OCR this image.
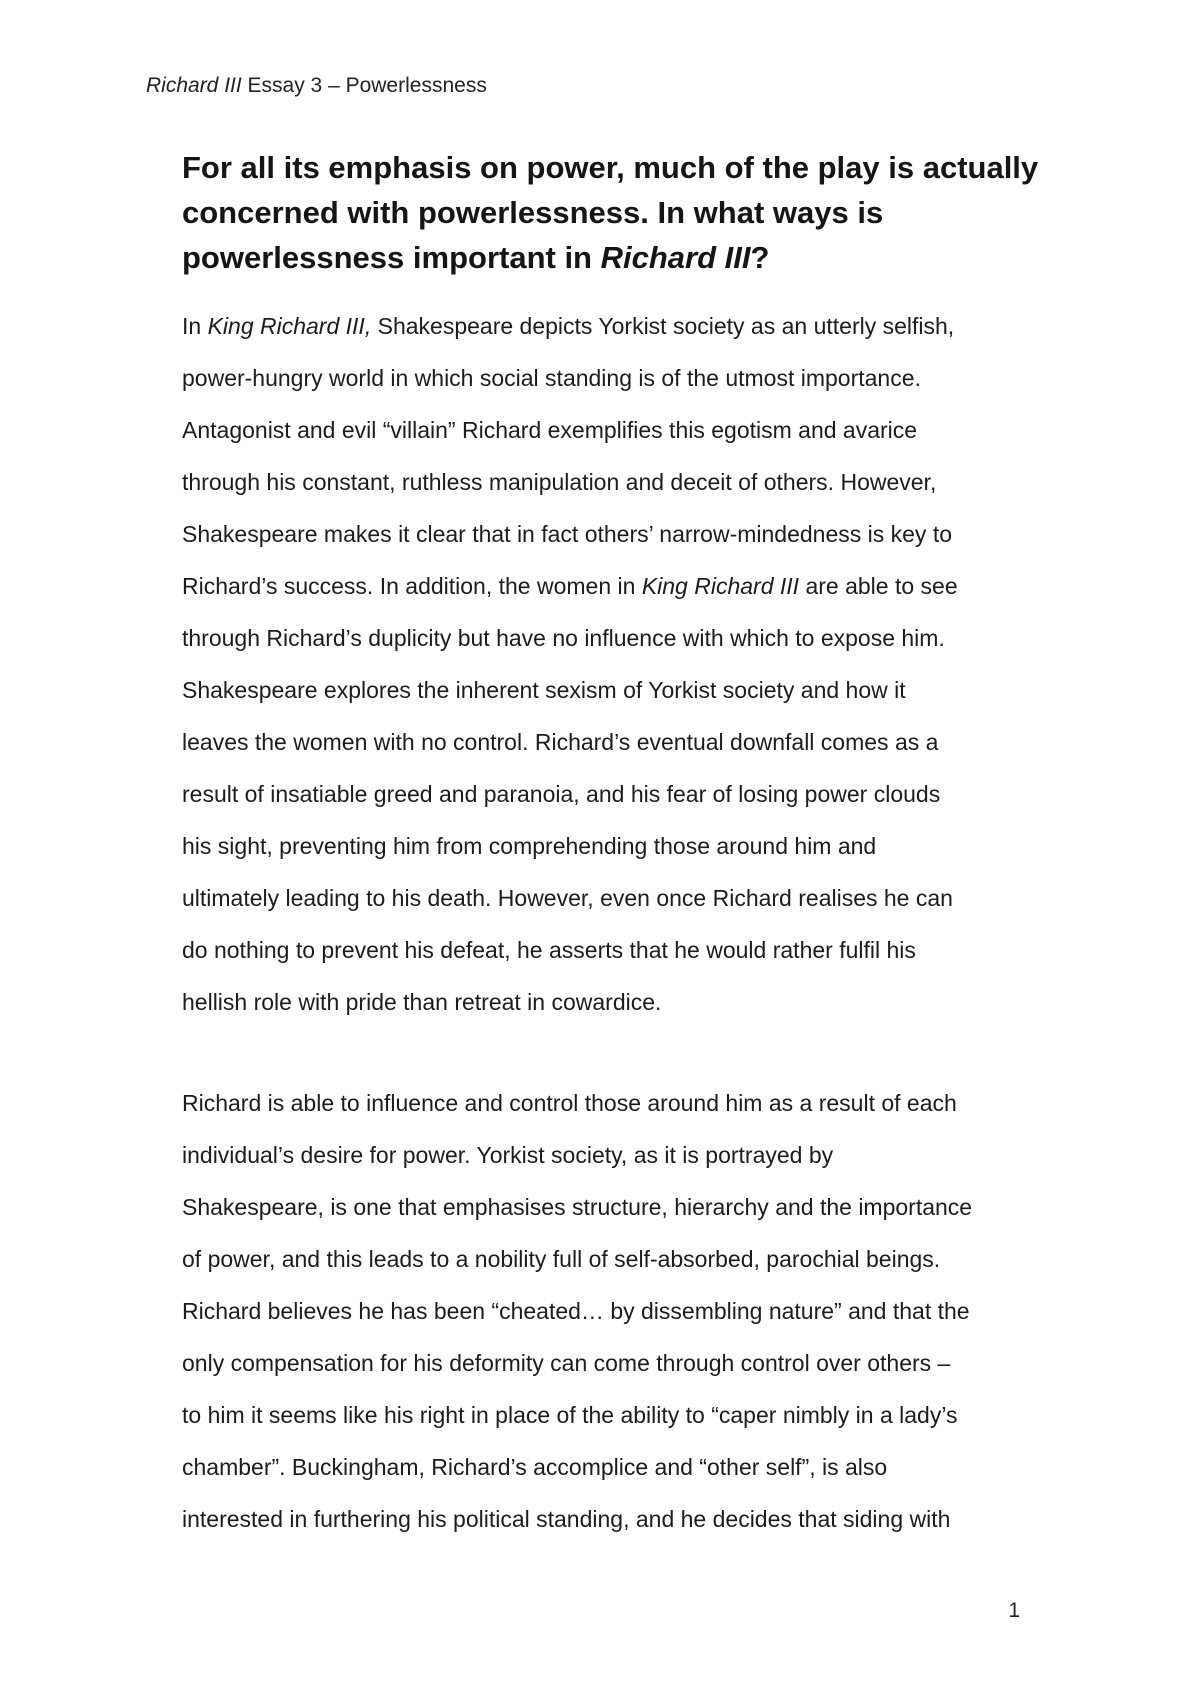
Richard III Essay 3 – Powerlessness
For all its emphasis on power, much of the play is actually
concerned with powerlessness. In what ways is
powerlessness important in Richard III?

In King Richard III, Shakespeare depicts Yorkist society as an utterly selfish,
power-hungry world in which social standing is of the utmost importance.
Antagonist and evil “villain” Richard exemplifies this egotism and avarice
through his constant, ruthless manipulation and deceit of others. However,
Shakespeare makes it clear that in fact others’ narrow-mindedness is key to
Richard’s success. In addition, the women in King Richard III are able to see
through Richard’s duplicity but have no influence with which to expose him.
Shakespeare explores the inherent sexism of Yorkist society and how it
leaves the women with no control. Richard’s eventual downfall comes as a
result of insatiable greed and paranoia, and his fear of losing power clouds
his sight, preventing him from comprehending those around him and
ultimately leading to his death. However, even once Richard realises he can
do nothing to prevent his defeat, he asserts that he would rather fulfil his
hellish role with pride than retreat in cowardice.

Richard is able to influence and control those around him as a result of each
individual’s desire for power. Yorkist society, as it is portrayed by
Shakespeare, is one that emphasises structure, hierarchy and the importance
of power, and this leads to a nobility full of self-absorbed, parochial beings.
Richard believes he has been “cheated… by dissembling nature” and that the
only compensation for his deformity can come through control over others –
to him it seems like his right in place of the ability to “caper nimbly in a lady’s
chamber”. Buckingham, Richard’s accomplice and “other self”, is also
interested in furthering his political standing, and he decides that siding with

1
